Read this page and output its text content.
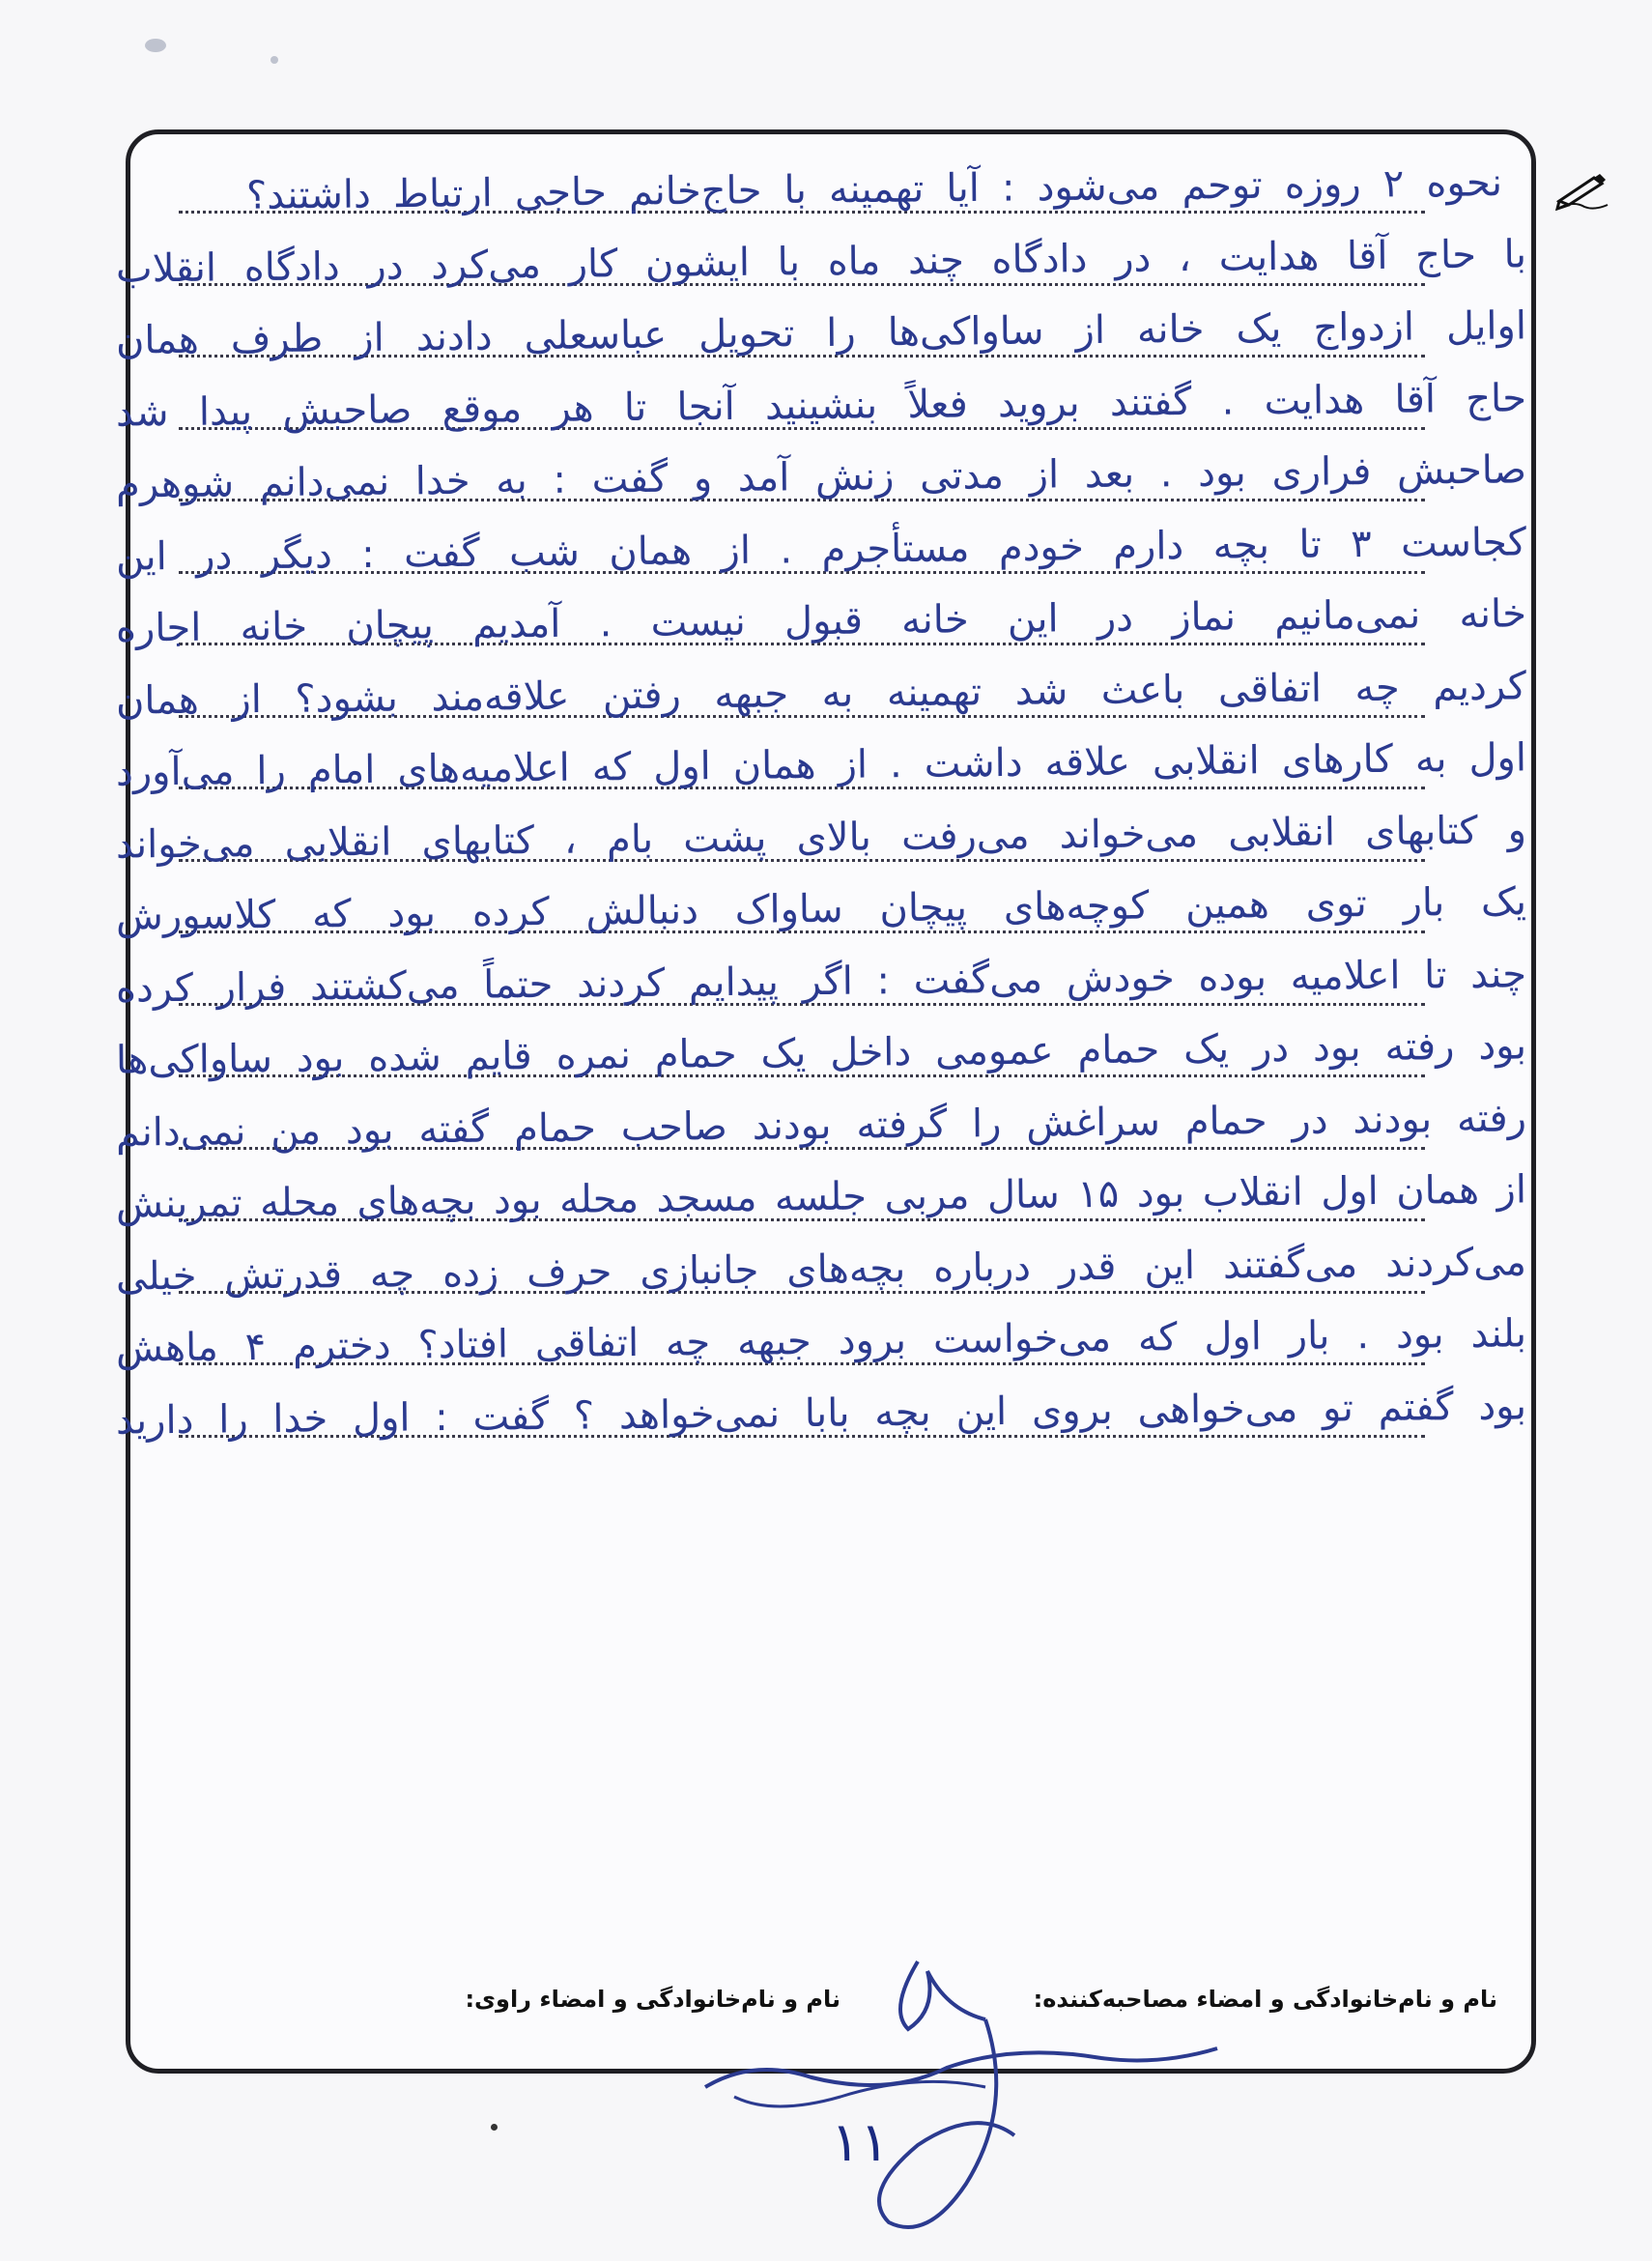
نحوه ۲ روزه توحم می‌شود : آیا تهمینه با حاج‌خانم حاجی ارتباط داشتند؟
با حاج آقا هدایت ، در دادگاه چند ماه با ایشون کار می‌کرد در دادگاه انقلاب
اوایل ازدواج یک خانه از ساواکی‌ها را تحویل عباسعلی دادند از طرف همان
حاج آقا هدایت . گفتند بروید فعلاً بنشینید آنجا تا هر موقع صاحبش پیدا شد
صاحبش فراری بود . بعد از مدتی زنش آمد و گفت : به خدا نمی‌دانم شوهرم
کجاست ۳ تا بچه دارم خودم مستأجرم . از همان شب گفت : دیگر در این
خانه نمی‌مانیم نماز در این خانه قبول نیست . آمدیم پیچان خانه اجاره
کردیم چه اتفاقی باعث شد تهمینه به جبهه رفتن علاقه‌مند بشود؟ از همان
اول به کارهای انقلابی علاقه داشت . از همان اول که اعلامیه‌های امام را می‌آورد
و کتابهای انقلابی می‌خواند می‌رفت بالای پشت بام ، کتابهای انقلابی می‌خواند
یک بار توی همین کوچه‌های پیچان ساواک دنبالش کرده بود که کلاسورش
چند تا اعلامیه بوده خودش می‌گفت : اگر پیدایم کردند حتماً می‌کشتند فرار کرده
بود رفته بود در یک حمام عمومی داخل یک حمام نمره قایم شده بود ساواکی‌ها
رفته بودند در حمام سراغش را گرفته بودند صاحب حمام گفته بود من نمی‌دانم
از همان اول انقلاب بود ۱۵ سال مربی جلسه مسجد محله بود بچه‌های محله تمرینش
می‌کردند می‌گفتند این قدر درباره بچه‌های جانبازی حرف زده چه قدرتش خیلی
بلند بود . بار اول که می‌خواست برود جبهه چه اتفاقی افتاد؟ دخترم ۴ ماهش
بود گفتم تو می‌خواهی بروی این بچه بابا نمی‌خواهد ؟ گفت : اول خدا را دارید
نام و نام‌خانوادگی و امضاء مصاحبه‌کننده:
نام و نام‌خانوادگی و امضاء راوی:
۱۱
